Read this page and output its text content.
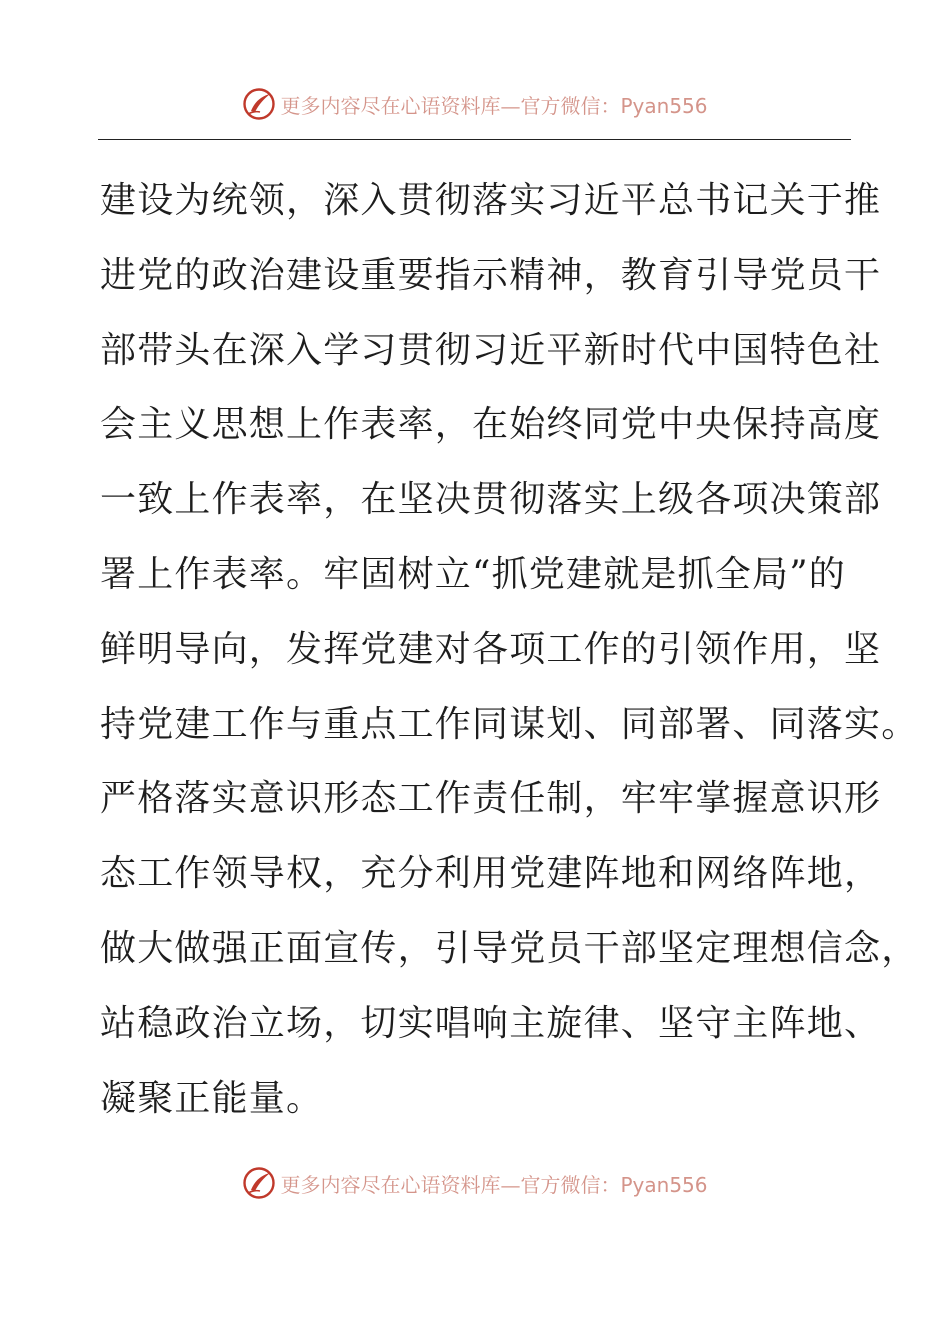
更多内容尽在心语资料库—官方微信：Pyan556
建设为统领，深入贯彻落实习近平总书记关于推
进党的政治建设重要指示精神，教育引导党员干
部带头在深入学习贯彻习近平新时代中国特色社
会主义思想上作表率，在始终同党中央保持高度
一致上作表率，在坚决贯彻落实上级各项决策部
署上作表率。牢固树立“抓党建就是抓全局”的
鲜明导向，发挥党建对各项工作的引领作用，坚
持党建工作与重点工作同谋划、同部署、同落实。
严格落实意识形态工作责任制，牢牢掌握意识形
态工作领导权，充分利用党建阵地和网络阵地，
做大做强正面宣传，引导党员干部坚定理想信念，
站稳政治立场，切实唱响主旋律、坚守主阵地、
凝聚正能量。
更多内容尽在心语资料库—官方微信：Pyan556
